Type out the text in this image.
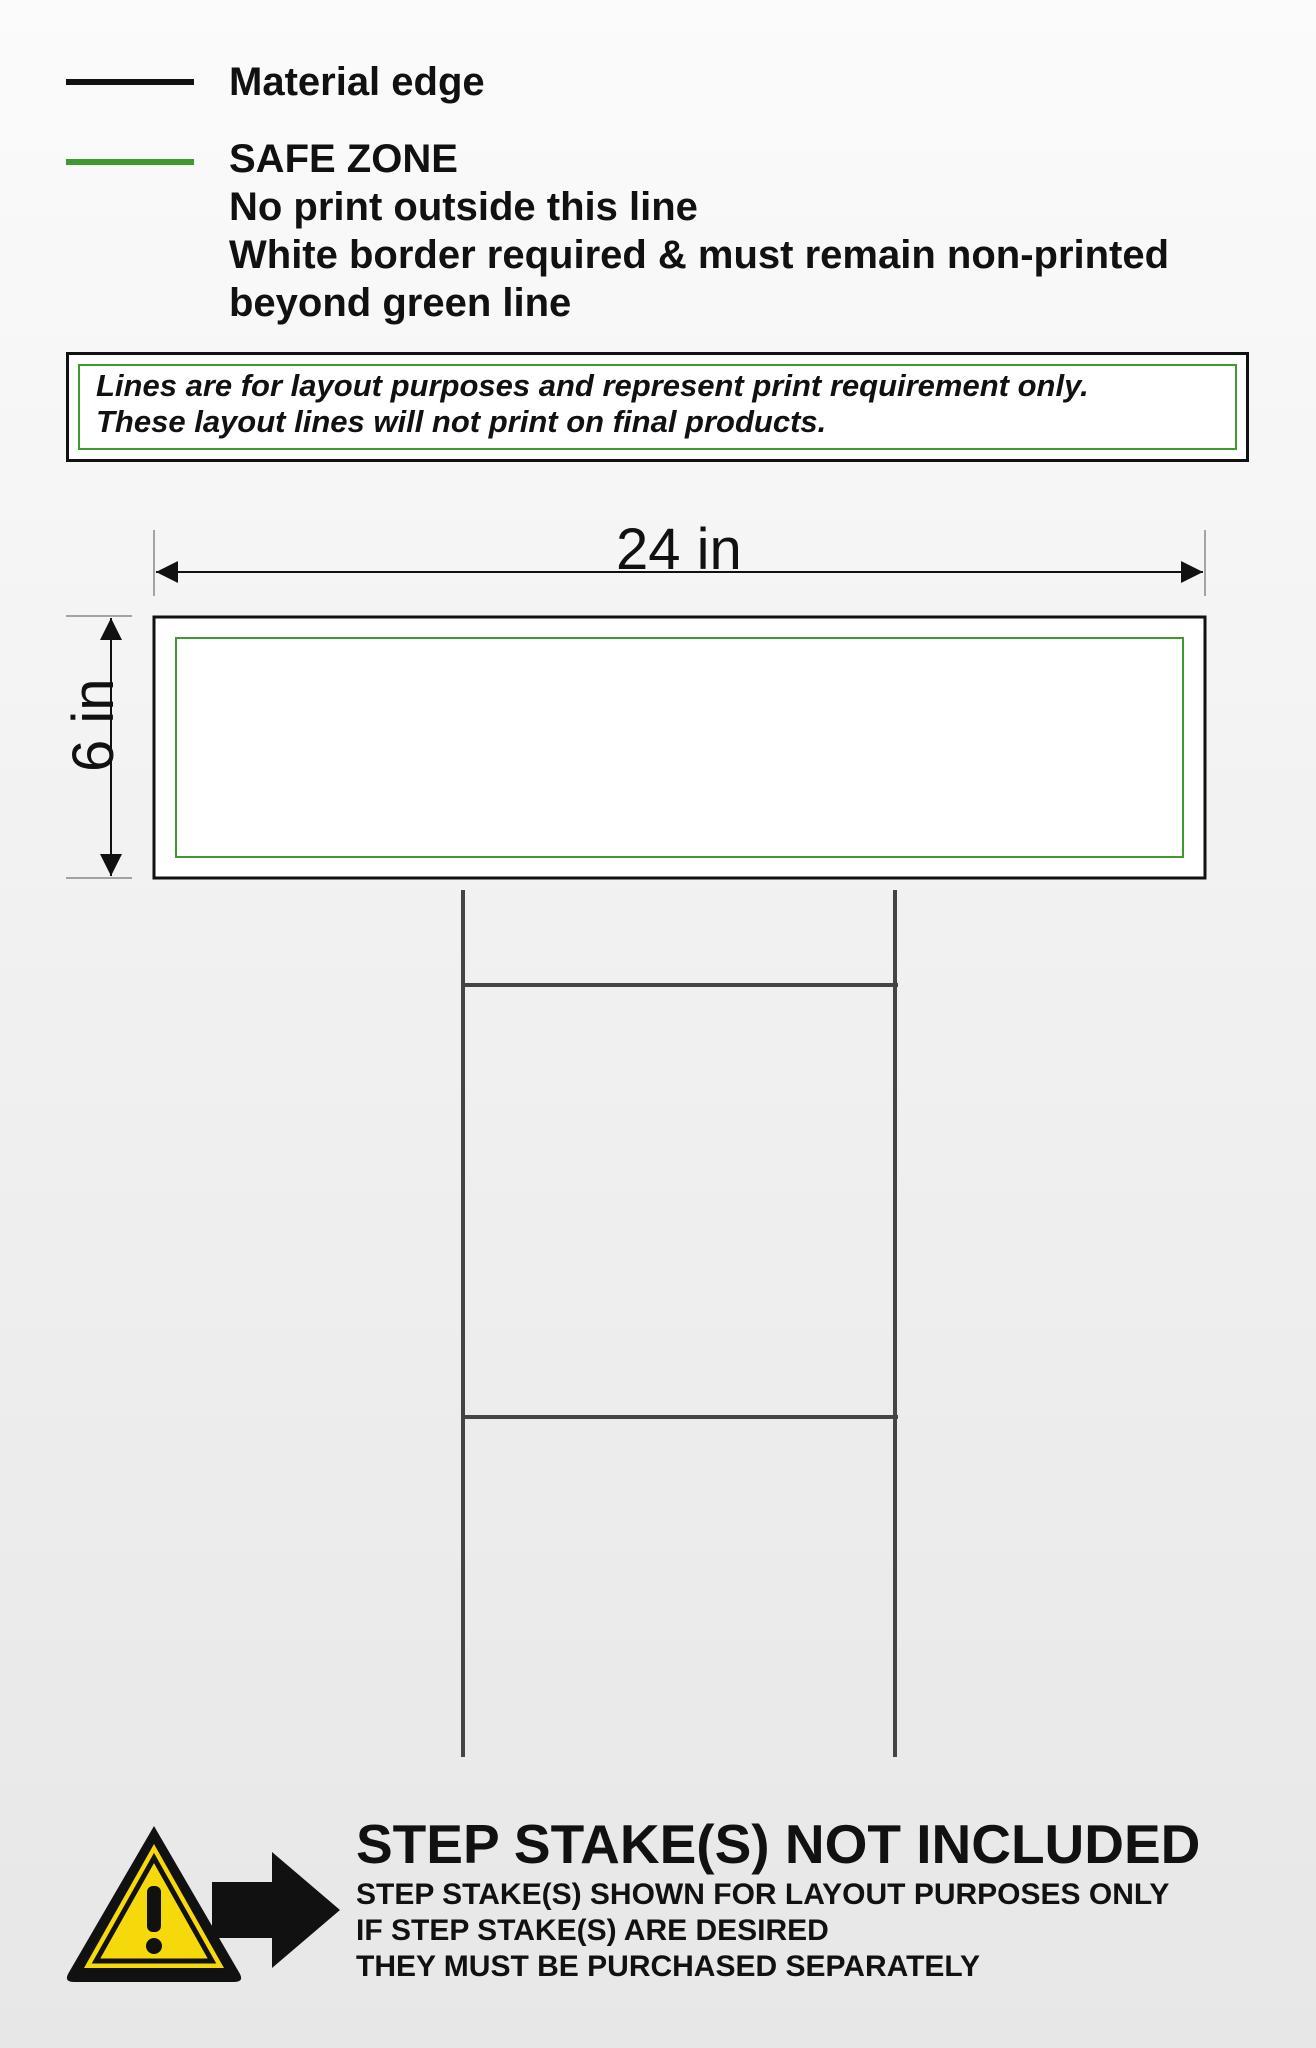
Material edge
SAFE ZONE
No print outside this line
White border required & must remain non-printed
beyond green line
Lines are for layout purposes and represent print requirement only.
These layout lines will not print on final products.
24 in
6 in
STEP STAKE(S) NOT INCLUDED
STEP STAKE(S) SHOWN FOR LAYOUT PURPOSES ONLY
IF STEP STAKE(S) ARE DESIRED
THEY MUST BE PURCHASED SEPARATELY
